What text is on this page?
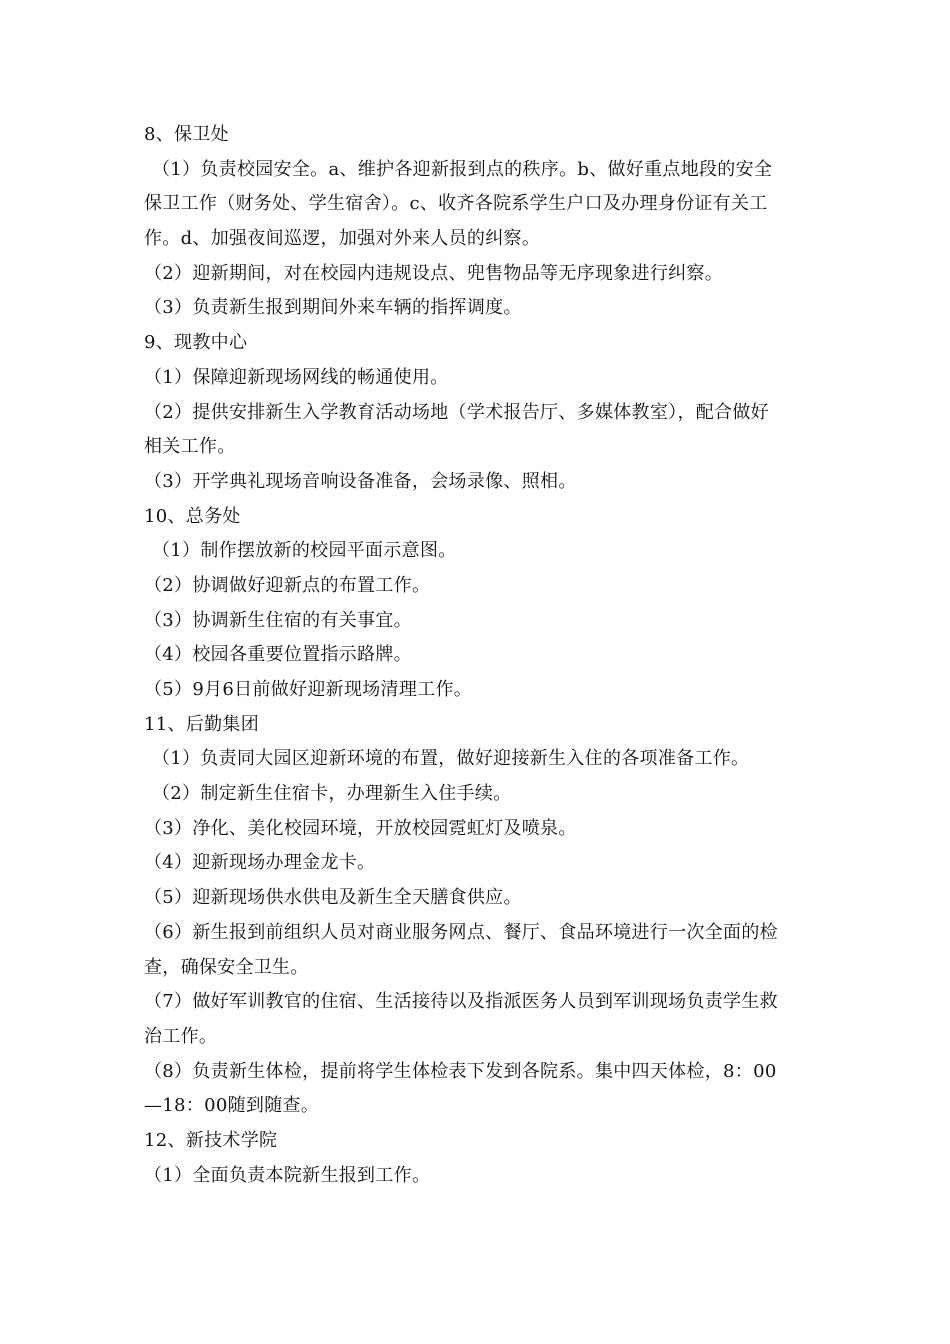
8、保卫处
（1）负责校园安全。a、维护各迎新报到点的秩序。b、做好重点地段的安全
保卫工作（财务处、学生宿舍）。c、收齐各院系学生户口及办理身份证有关工
作。d、加强夜间巡逻，加强对外来人员的纠察。
（2）迎新期间，对在校园内违规设点、兜售物品等无序现象进行纠察。
（3）负责新生报到期间外来车辆的指挥调度。
9、现教中心
（1）保障迎新现场网线的畅通使用。
（2）提供安排新生入学教育活动场地（学术报告厅、多媒体教室），配合做好
相关工作。
（3）开学典礼现场音响设备准备，会场录像、照相。
10、总务处
（1）制作摆放新的校园平面示意图。
（2）协调做好迎新点的布置工作。
（3）协调新生住宿的有关事宜。
（4）校园各重要位置指示路牌。
（5）9月6日前做好迎新现场清理工作。
11、后勤集团
（1）负责同大园区迎新环境的布置，做好迎接新生入住的各项准备工作。
（2）制定新生住宿卡，办理新生入住手续。
（3）净化、美化校园环境，开放校园霓虹灯及喷泉。
（4）迎新现场办理金龙卡。
（5）迎新现场供水供电及新生全天膳食供应。
（6）新生报到前组织人员对商业服务网点、餐厅、食品环境进行一次全面的检
查，确保安全卫生。
（7）做好军训教官的住宿、生活接待以及指派医务人员到军训现场负责学生救
治工作。
（8）负责新生体检，提前将学生体检表下发到各院系。集中四天体检，8：00
—18：00随到随查。
12、新技术学院
（1）全面负责本院新生报到工作。
